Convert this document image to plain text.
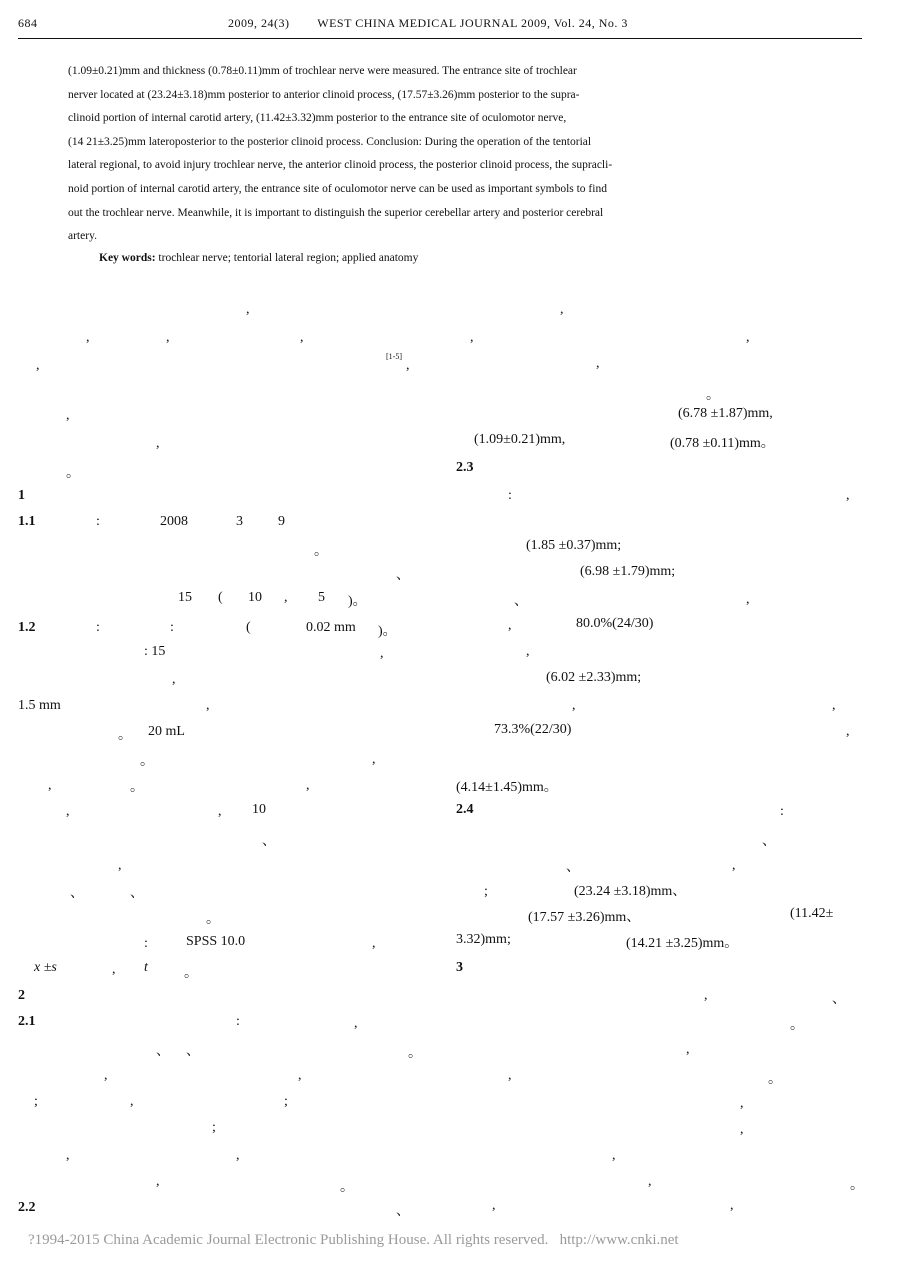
684	2009, 24(3)        WEST CHINA MEDICAL JOURNAL 2009, Vol. 24, No. 3
(1.09±0.21)mm and thickness (0.78±0.11)mm of trochlear nerve were measured. The entrance site of trochlear
nerver located at (23.24±3.18)mm posterior to anterior clinoid process, (17.57±3.26)mm posterior to the supra-
clinoid portion of internal carotid artery, (11.42±3.32)mm posterior to the entrance site of oculomotor nerve,
(14 21±3.25)mm lateroposterior to the posterior clinoid process. Conclusion: During the operation of the tentorial
lateral regional, to avoid injury trochlear nerve, the anterior clinoid process, the posterior clinoid process, the supracli-
noid portion of internal carotid artery, the entrance site of oculomotor nerve can be used as important symbols to find
out the trochlear nerve. Meanwhile, it is important to distinguish the superior cerebellar artery and posterior cerebral
artery.
Key words: trochlear nerve; tentorial lateral region; applied anatomy
,
,	,	,
,
[1-5]
,
,
,
。
1
1.1	:	2008	3	9
。
、
15 ( 10 , 5 )。
1.2	:	:	(	0.02 mm )。
: 15	,
,
1.5 mm	,
。 20 mL
。	,
,	。	,
,	, 10
、
,
、	、
。
:	SPSS 10.0	,
x ±s	, t	。
2
2.1	:	,
、 、	。
,	,
;	,	;
;
,	,
,	。
2.2	、
,
,	,
,
。
(6.78 ±1.87)mm,
(1.09±0.21)mm,	(0.78 ±0.11)mm。
2.3
:	,
(1.85 ±0.37)mm;
(6.98 ±1.79)mm;
、	,
,	80.0%(24/30)
,
(6.02 ±2.33)mm;
,	,
73.3%(22/30)	,
(4.14±1.45)mm。
2.4	:
、
、	,
;	(23.24 ±3.18)mm、
(17.57 ±3.26)mm、	(11.42±
3.32)mm;	(14.21 ±3.25)mm。
3
,	、
。
,
,	。
,
,
,
,	。
,	,
?1994-2015 China Academic Journal Electronic Publishing House. All rights reserved.   http://www.cnki.net
